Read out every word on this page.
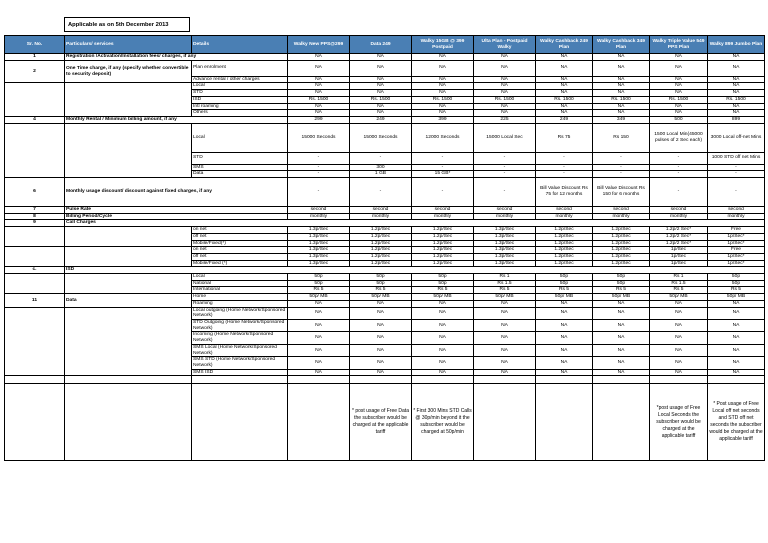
Applicable as on 5th December 2013
Sr. No.	Particulars/ services	Details	Walky New PPS@299	Data 249	Walky 15GB @ 399 Postpaid	Ulta Plan - Postpaid Walky	Walky Cashback 249 Plan	Walky Cashback 349 Plan	Walky Triple Value 549 PPS Plan	Walky 899 Jumbo Plan
1	Registration /Activation/Installation fees/ charges, if any		NA	NA	NA	NA	NA	NA	NA	NA
2	One Time charge, if any (specify whether convertible to security deposit)	Plan enrolment	NA	NA	NA	NA	NA	NA	NA	NA
		Advance rental / other charges	NA	NA	NA	NA	NA	NA	NA	NA
		Local	NA	NA	NA	NA	NA	NA	NA	NA
		STD	NA	NA	NA	NA	NA	NA	NA	NA
		ISD	Rs. 1500	Rs. 1500	Rs. 1500	Rs. 1500	Rs. 1500	Rs. 1500	Rs. 1500	Rs. 1500
		Intl roaming	NA	NA	NA	NA	NA	NA	NA	NA
		Others	NA	NA	NA	NA	NA	NA	NA	NA
4	Monthly Rental / Minimum billing amount, if any		299	249	399	225	249	349	500	899
		Local	15000 Seconds	15000 Seconds	12000 Seconds	15000 Local Sec	Rs 75	Rs 150	1500 Local Min(45000 pulses of 2 Sec each)	3000 Local off-net Mins
		STD	-	-	-	-	-	-	-	1000 STD off net Mins
		SMS	-	300	-	-	-	-	-	-
		Data	-	1 GB	15 GB*	-	-	-	-	-
6	Monthly usage discount/ discount against fixed charges, if any		-	-	-	-	Bill Value Discount Rs 75 for 12 months	Bill Value Discount Rs 150 for 6 months	-	-
7	Pulse Rate		second	second	second	second	second	second	second	second
8	Billing Period/Cycle		monthly	monthly	monthly	monthly	monthly	monthly	monthly	monthly
9	Call Charges									
		on net	1.3p/Sec	1.2p/Sec	1.2p/Sec	1.3p/Sec	1.2p/Sec	1.2p/Sec	1.2p/2 Sec*	Free
		off net	1.3p/Sec	1.2p/Sec	1.2p/Sec	1.3p/Sec	1.2p/Sec	1.2p/Sec	1.2p/2 Sec*	1p/Sec*
		Mobile/Fixed(*)	1.3p/Sec	1.2p/Sec	1.2p/Sec	1.3p/Sec	1.2p/Sec	1.2p/Sec	1.2p/2 Sec*	1p/Sec*
		on net	1.3p/Sec	1.2p/Sec	1.2p/Sec	1.3p/Sec	1.2p/Sec	1.2p/Sec	1p/Sec	Free
		off net	1.3p/Sec	1.2p/Sec	1.2p/Sec	1.3p/Sec	1.2p/Sec	1.2p/Sec	1p/Sec	1p/Sec*
		Mobile/Fixed (*)	1.3p/Sec	1.2p/Sec	1.2p/Sec	1.3p/Sec	1.2p/Sec	1.2p/Sec	1p/Sec	1p/Sec*
c.	ISD									
		Local	50p	50p	50p	Rs 1	50p	50p	Rs 1	50p
		National	50p	50p	50p	Rs 1.5	50p	50p	Rs 1.5	50p
		International	Rs 5	Rs 5	Rs 5	Rs 5	Rs 5	Rs 5	Rs 5	Rs 5
11	Data	Home	50p/ MB	50p/ MB	50p/ MB	50p/ MB	50p/ MB	50p/ MB	50p/ MB	50p/ MB
		Roaming	NA	NA	NA	NA	NA	NA	NA	NA
		Local outgoing (Home Network/Sponsored Network)	NA	NA	NA	NA	NA	NA	NA	NA
		STD Outgoing (Home Network/Sponsored Network)	NA	NA	NA	NA	NA	NA	NA	NA
		Incoming (Home Network/Sponsored Network)	NA	NA	NA	NA	NA	NA	NA	NA
		SMS Local (Home Network/Sponsored Network)	NA	NA	NA	NA	NA	NA	NA	NA
		SMS STD (Home Network/Sponsored Network)	NA	NA	NA	NA	NA	NA	NA	NA
		SMS ISD	NA	NA	NA	NA	NA	NA	NA	NA

				* post usage of Free Data the subscriber would be charged at the applicable tariff	* First 300 Mins STD Calls @ 30p/min beyond it the subscriber would be charged at 50p/min				*post usage of Free Local Seconds the subscriber would be charged at the applicable tariff	* Post usage of Free Local off net seconds and STD off net seconds the subscriber would be charged at the applicable tariff
